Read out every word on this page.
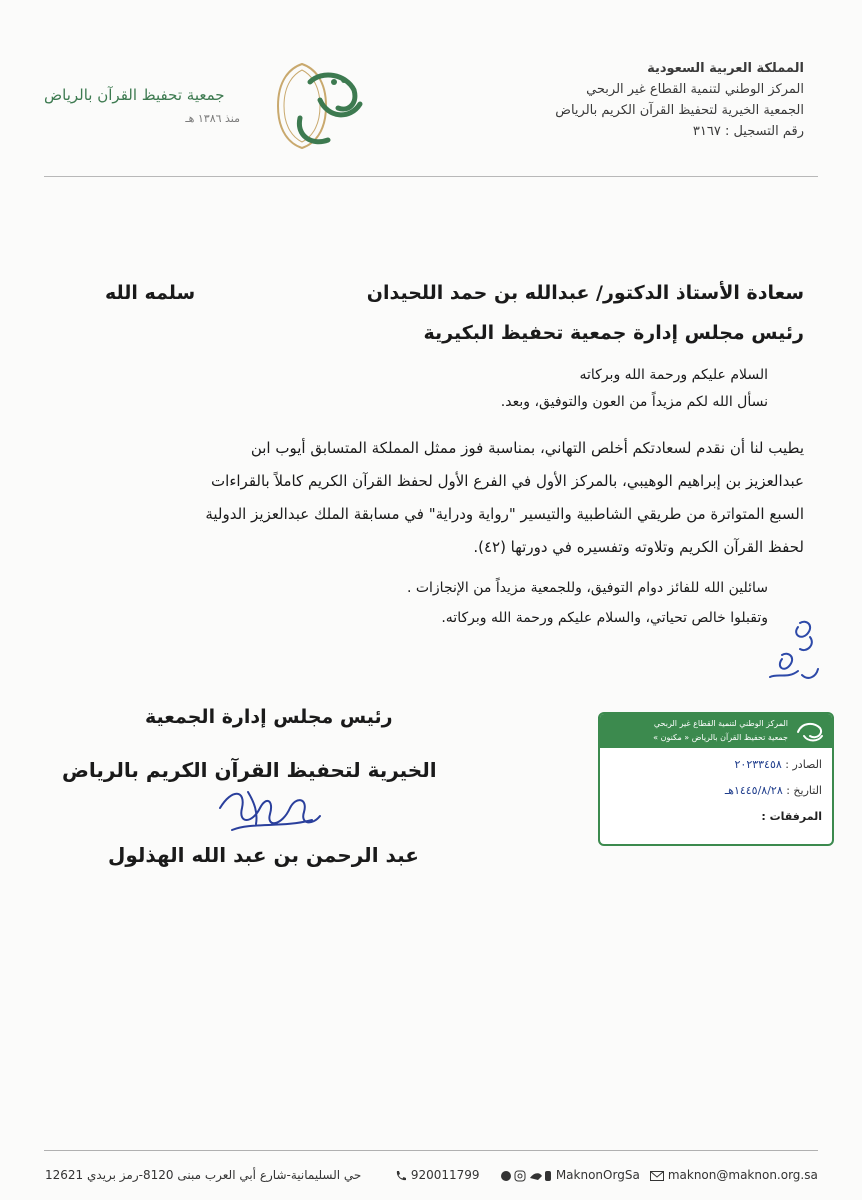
المملكة العربية السعودية
المركز الوطني لتنمية القطاع غير الربحي
الجمعية الخيرية لتحفيظ القرآن الكريم بالرياض
رقم التسجيل : ٣١٦٧
جمعية تحفيظ القرآن بالرياض
منذ ١٣٨٦ هـ
سعادة الأستاذ الدكتور/ عبدالله بن حمد اللحيدان
سلمه الله
رئيس مجلس إدارة جمعية تحفيظ البكيرية
السلام عليكم ورحمة الله وبركاته
نسأل الله لكم مزيداً من العون والتوفيق، وبعد.
يطيب لنا أن نقدم لسعادتكم أخلص التهاني، بمناسبة فوز ممثل المملكة المتسابق أيوب ابن
عبدالعزيز بن إبراهيم الوهيبي، بالمركز الأول في الفرع الأول لحفظ القرآن الكريم كاملاً بالقراءات
السبع المتواترة من طريقي الشاطبية والتيسير "رواية ودراية" في مسابقة الملك عبدالعزيز الدولية
لحفظ القرآن الكريم وتلاوته وتفسيره في دورتها (٤٢).
سائلين الله للفائز دوام التوفيق، وللجمعية مزيداً من الإنجازات .
وتقبلوا خالص تحياتي، والسلام عليكم ورحمة الله وبركاته.
رئيس مجلس إدارة الجمعية
الخيرية لتحفيظ القرآن الكريم بالرياض
عبد الرحمن بن عبد الله الهذلول
المركز الوطني لتنمية القطاع غير الربحي
جمعية تحفيظ القرآن بالرياض « مكنون »
الصادر : ٢٠٢٣٣٤٥٨
التاريخ : ١٤٤٥/٨/٢٨هـ
المرفقات :
maknon@maknon.org.sa
MaknonOrgSa
920011799
حي السليمانية-شارع أبي العرب مبنى 8120-رمز بريدي 12621
